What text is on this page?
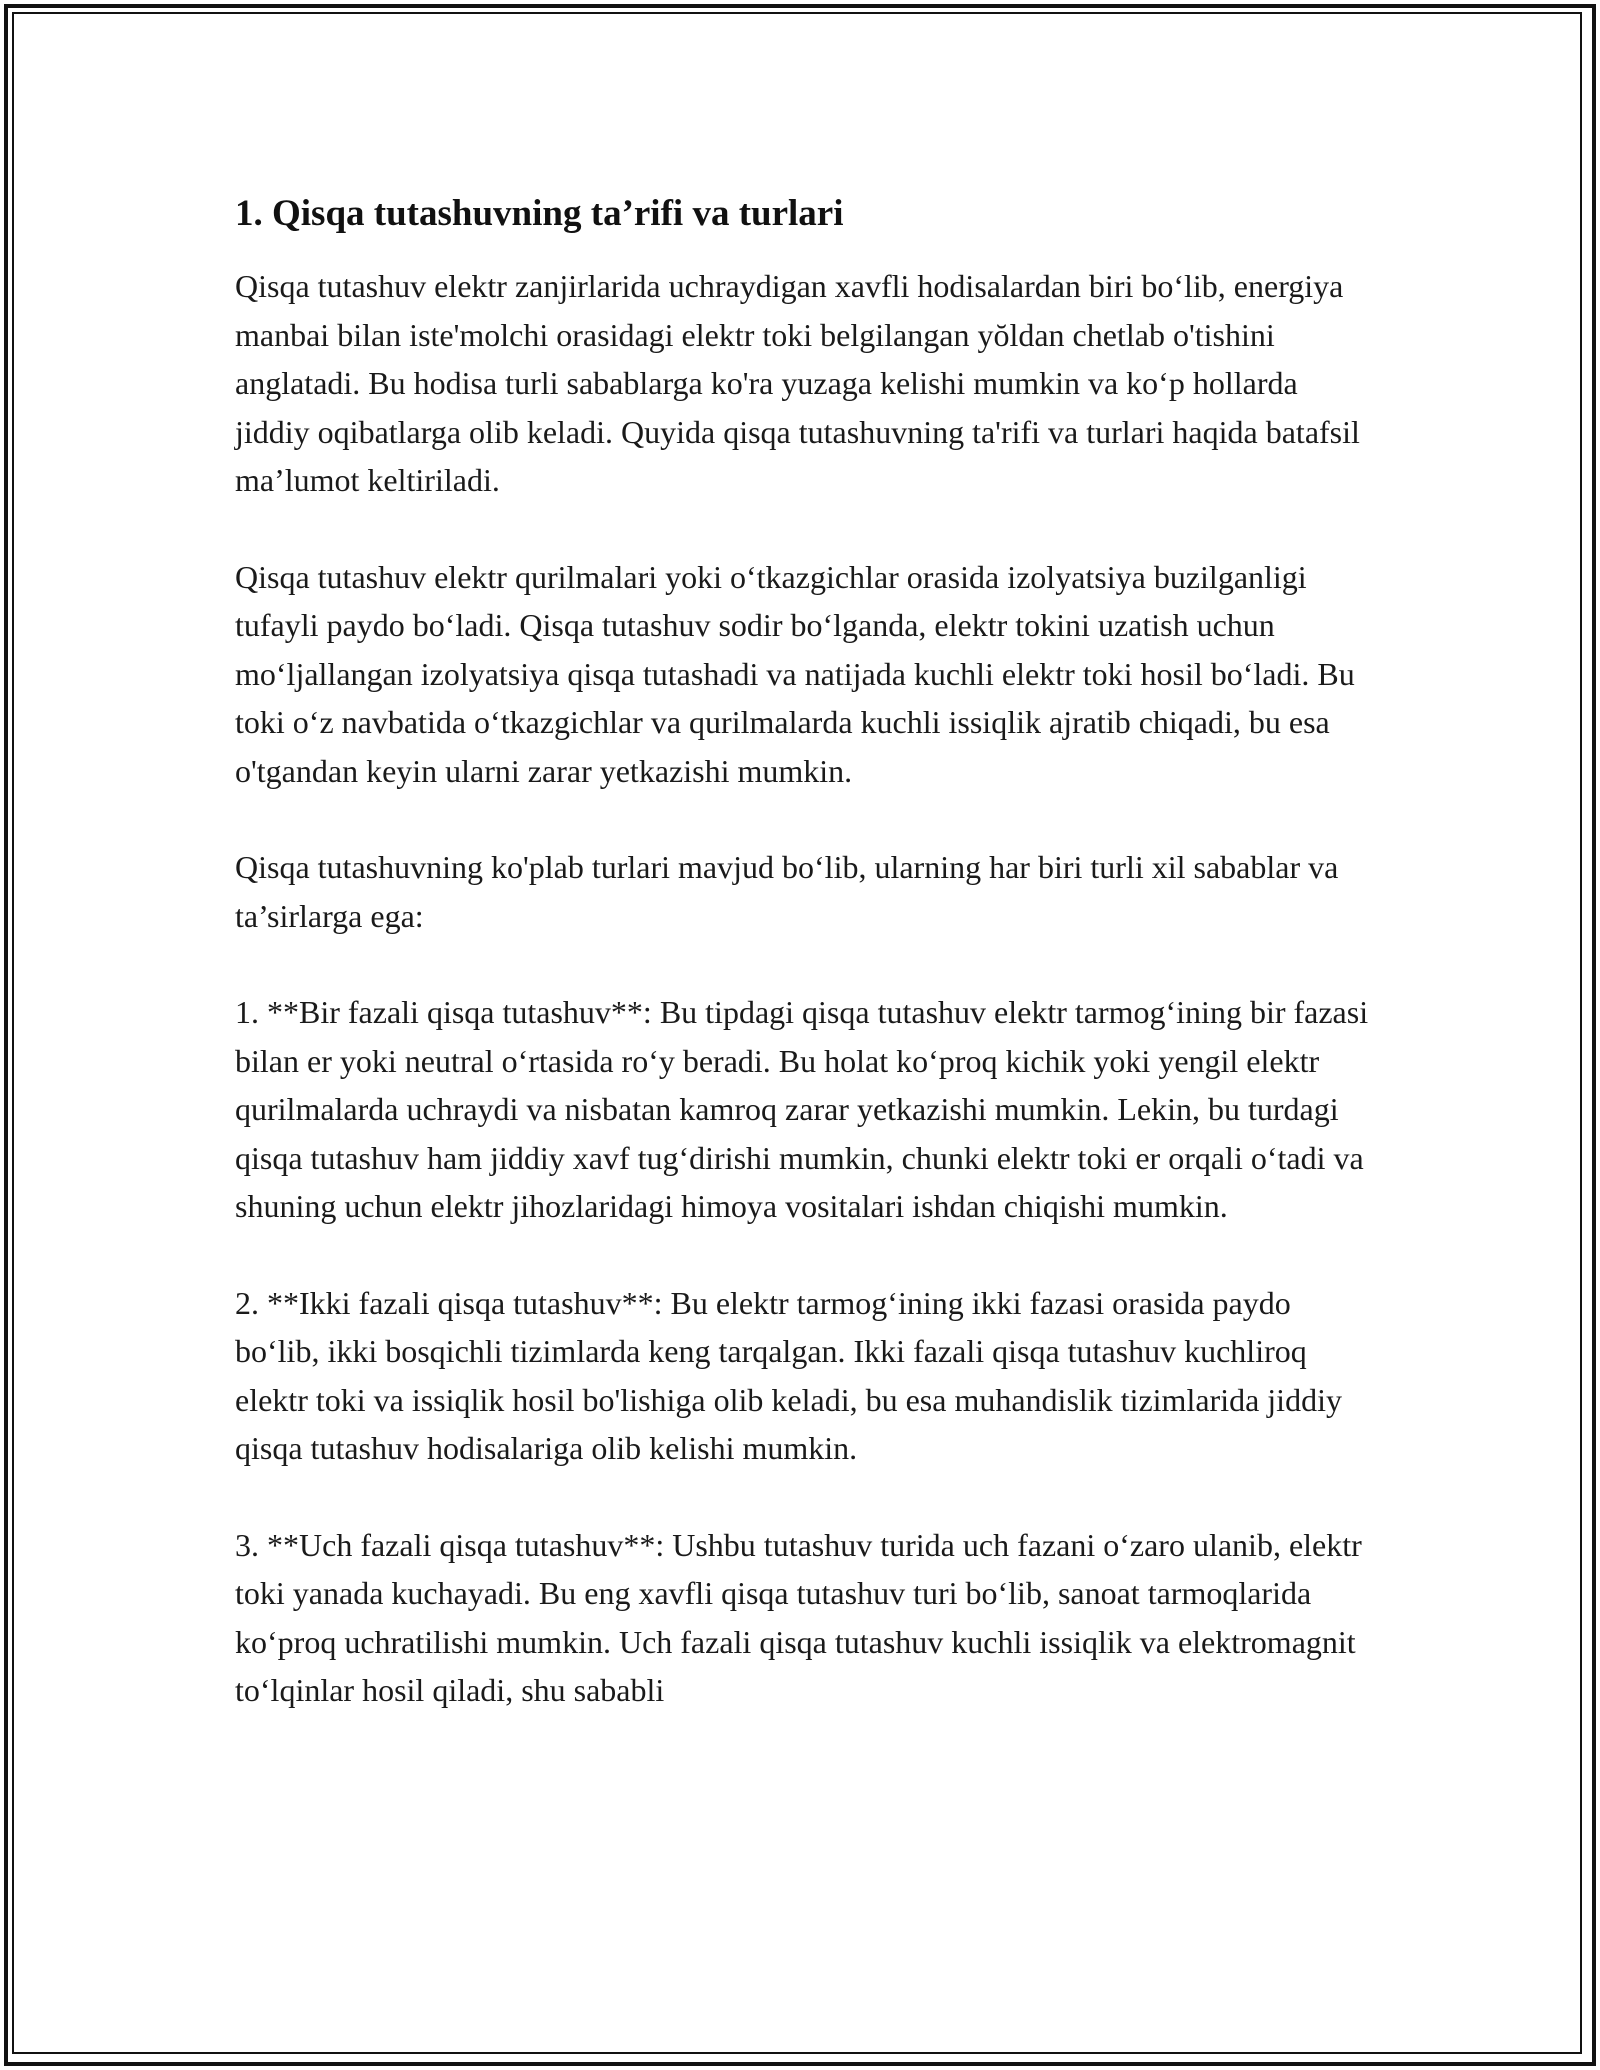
1. Qisqa tutashuvning ta’rifi va turlari

Qisqa tutashuv elektr zanjirlarida uchraydigan xavfli hodisalardan biri bo‘lib, energiya manbai bilan iste'molchi orasidagi elektr toki belgilangan yŏldan chetlab o'tishini anglatadi. Bu hodisa turli sabablarga ko'ra yuzaga kelishi mumkin va ko‘p hollarda jiddiy oqibatlarga olib keladi. Quyida qisqa tutashuvning ta'rifi va turlari haqida batafsil ma’lumot keltiriladi.

Qisqa tutashuv elektr qurilmalari yoki o‘tkazgichlar orasida izolyatsiya buzilganligi tufayli paydo bo‘ladi. Qisqa tutashuv sodir bo‘lganda, elektr tokini uzatish uchun mo‘ljallangan izolyatsiya qisqa tutashadi va natijada kuchli elektr toki hosil bo‘ladi. Bu toki o‘z navbatida o‘tkazgichlar va qurilmalarda kuchli issiqlik ajratib chiqadi, bu esa o'tgandan keyin ularni zarar yetkazishi mumkin.

Qisqa tutashuvning ko'plab turlari mavjud bo‘lib, ularning har biri turli xil sabablar va ta’sirlarga ega:

1. **Bir fazali qisqa tutashuv**: Bu tipdagi qisqa tutashuv elektr tarmog‘ining bir fazasi bilan er yoki neutral o‘rtasida ro‘y beradi. Bu holat ko‘proq kichik yoki yengil elektr qurilmalarda uchraydi va nisbatan kamroq zarar yetkazishi mumkin. Lekin, bu turdagi qisqa tutashuv ham jiddiy xavf tug‘dirishi mumkin, chunki elektr toki er orqali o‘tadi va shuning uchun elektr jihozlaridagi himoya vositalari ishdan chiqishi mumkin.

2. **Ikki fazali qisqa tutashuv**: Bu elektr tarmog‘ining ikki fazasi orasida paydo bo‘lib, ikki bosqichli tizimlarda keng tarqalgan. Ikki fazali qisqa tutashuv kuchliroq elektr toki va issiqlik hosil bo'lishiga olib keladi, bu esa muhandislik tizimlarida jiddiy qisqa tutashuv hodisalariga olib kelishi mumkin.

3. **Uch fazali qisqa tutashuv**: Ushbu tutashuv turida uch fazani o‘zaro ulanib, elektr toki yanada kuchayadi. Bu eng xavfli qisqa tutashuv turi bo‘lib, sanoat tarmoqlarida ko‘proq uchratilishi mumkin. Uch fazali qisqa tutashuv kuchli issiqlik va elektromagnit to‘lqinlar hosil qiladi, shu sababli
